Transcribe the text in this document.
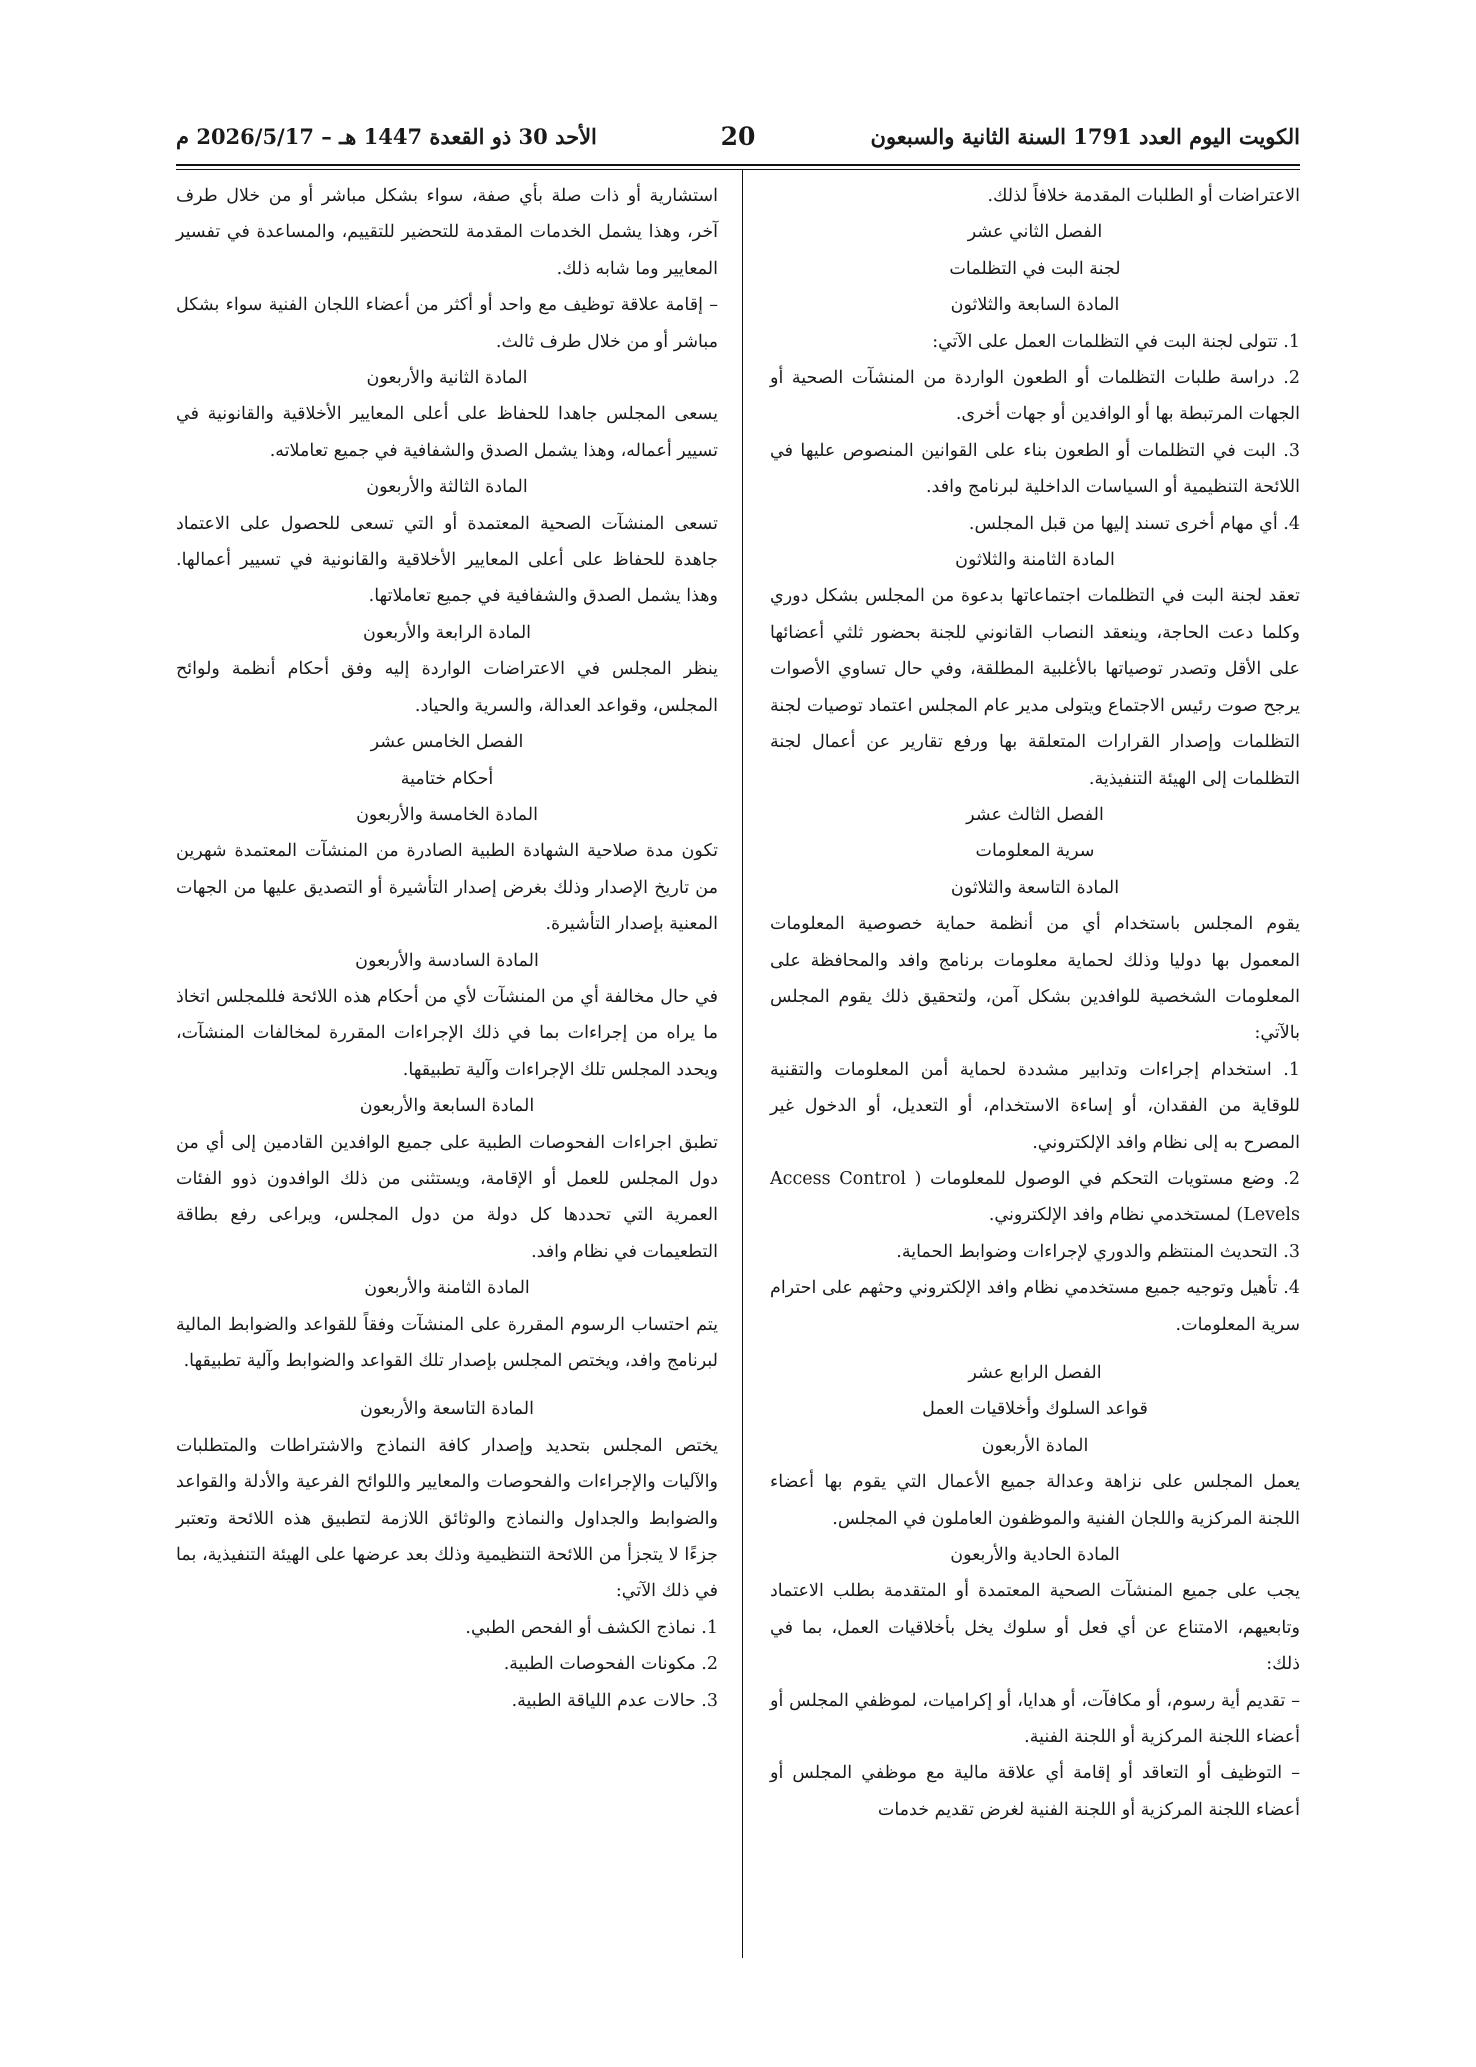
الكويت اليوم العدد 1791 السنة الثانية والسبعون
20
الأحد 30 ذو القعدة 1447 هـ – 2026/5/17 م

الاعتراضات أو الطلبات المقدمة خلافاً لذلك.

الفصل الثاني عشر

لجنة البت في التظلمات

المادة السابعة والثلاثون

1. تتولى لجنة البت في التظلمات العمل على الآتي:

2. دراسة طلبات التظلمات أو الطعون الواردة من المنشآت الصحية أو الجهات المرتبطة بها أو الوافدين أو جهات أخرى.

3. البت في التظلمات أو الطعون بناء على القوانين المنصوص عليها في اللائحة التنظيمية أو السياسات الداخلية لبرنامج وافد.

4. أي مهام أخرى تسند إليها من قبل المجلس.

المادة الثامنة والثلاثون

تعقد لجنة البت في التظلمات اجتماعاتها بدعوة من المجلس بشكل دوري وكلما دعت الحاجة، وينعقد النصاب القانوني للجنة بحضور ثلثي أعضائها على الأقل وتصدر توصياتها بالأغلبية المطلقة، وفي حال تساوي الأصوات يرجح صوت رئيس الاجتماع ويتولى مدير عام المجلس اعتماد توصيات لجنة التظلمات وإصدار القرارات المتعلقة بها ورفع تقارير عن أعمال لجنة التظلمات إلى الهيئة التنفيذية.

الفصل الثالث عشر

سرية المعلومات

المادة التاسعة والثلاثون

يقوم المجلس باستخدام أي من أنظمة حماية خصوصية المعلومات المعمول بها دوليا وذلك لحماية معلومات برنامج وافد والمحافظة على المعلومات الشخصية للوافدين بشكل آمن، ولتحقيق ذلك يقوم المجلس بالآتي:

1. استخدام إجراءات وتدابير مشددة لحماية أمن المعلومات والتقنية للوقاية من الفقدان، أو إساءة الاستخدام، أو التعديل، أو الدخول غير المصرح به إلى نظام وافد الإلكتروني.

2. وضع مستويات التحكم في الوصول للمعلومات ( Access Control Levels) لمستخدمي نظام وافد الإلكتروني.

3. التحديث المنتظم والدوري لإجراءات وضوابط الحماية.

4. تأهيل وتوجيه جميع مستخدمي نظام وافد الإلكتروني وحثهم على احترام سرية المعلومات.

الفصل الرابع عشر

قواعد السلوك وأخلاقيات العمل

المادة الأربعون

يعمل المجلس على نزاهة وعدالة جميع الأعمال التي يقوم بها أعضاء اللجنة المركزية واللجان الفنية والموظفون العاملون في المجلس.

المادة الحادية والأربعون

يجب على جميع المنشآت الصحية المعتمدة أو المتقدمة بطلب الاعتماد وتابعيهم، الامتناع عن أي فعل أو سلوك يخل بأخلاقيات العمل، بما في ذلك:

– تقديم أية رسوم، أو مكافآت، أو هدايا، أو إكراميات، لموظفي المجلس أو أعضاء اللجنة المركزية أو اللجنة الفنية.

– التوظيف أو التعاقد أو إقامة أي علاقة مالية مع موظفي المجلس أو أعضاء اللجنة المركزية أو اللجنة الفنية لغرض تقديم خدمات

استشارية أو ذات صلة بأي صفة، سواء بشكل مباشر أو من خلال طرف آخر، وهذا يشمل الخدمات المقدمة للتحضير للتقييم، والمساعدة في تفسير المعايير وما شابه ذلك.

– إقامة علاقة توظيف مع واحد أو أكثر من أعضاء اللجان الفنية سواء بشكل مباشر أو من خلال طرف ثالث.

المادة الثانية والأربعون

يسعى المجلس جاهدا للحفاظ على أعلى المعايير الأخلاقية والقانونية في تسيير أعماله، وهذا يشمل الصدق والشفافية في جميع تعاملاته.

المادة الثالثة والأربعون

تسعى المنشآت الصحية المعتمدة أو التي تسعى للحصول على الاعتماد جاهدة للحفاظ على أعلى المعايير الأخلاقية والقانونية في تسيير أعمالها. وهذا يشمل الصدق والشفافية في جميع تعاملاتها.

المادة الرابعة والأربعون

ينظر المجلس في الاعتراضات الواردة إليه وفق أحكام أنظمة ولوائح المجلس، وقواعد العدالة، والسرية والحياد.

الفصل الخامس عشر

أحكام ختامية

المادة الخامسة والأربعون

تكون مدة صلاحية الشهادة الطبية الصادرة من المنشآت المعتمدة شهرين من تاريخ الإصدار وذلك بغرض إصدار التأشيرة أو التصديق عليها من الجهات المعنية بإصدار التأشيرة.

المادة السادسة والأربعون

في حال مخالفة أي من المنشآت لأي من أحكام هذه اللائحة فللمجلس اتخاذ ما يراه من إجراءات بما في ذلك الإجراءات المقررة لمخالفات المنشآت، ويحدد المجلس تلك الإجراءات وآلية تطبيقها.

المادة السابعة والأربعون

تطبق اجراءات الفحوصات الطبية على جميع الوافدين القادمين إلى أي من دول المجلس للعمل أو الإقامة، ويستثنى من ذلك الوافدون ذوو الفئات العمرية التي تحددها كل دولة من دول المجلس، ويراعى رفع بطاقة التطعيمات في نظام وافد.

المادة الثامنة والأربعون

يتم احتساب الرسوم المقررة على المنشآت وفقاً للقواعد والضوابط المالية لبرنامج وافد، ويختص المجلس بإصدار تلك القواعد والضوابط وآلية تطبيقها.

المادة التاسعة والأربعون

يختص المجلس بتحديد وإصدار كافة النماذج والاشتراطات والمتطلبات والآليات والإجراءات والفحوصات والمعايير واللوائح الفرعية والأدلة والقواعد والضوابط والجداول والنماذج والوثائق اللازمة لتطبيق هذه اللائحة وتعتبر جزءًا لا يتجزأ من اللائحة التنظيمية وذلك بعد عرضها على الهيئة التنفيذية، بما في ذلك الآتي:

1. نماذج الكشف أو الفحص الطبي.

2. مكونات الفحوصات الطبية.

3. حالات عدم اللياقة الطبية.
